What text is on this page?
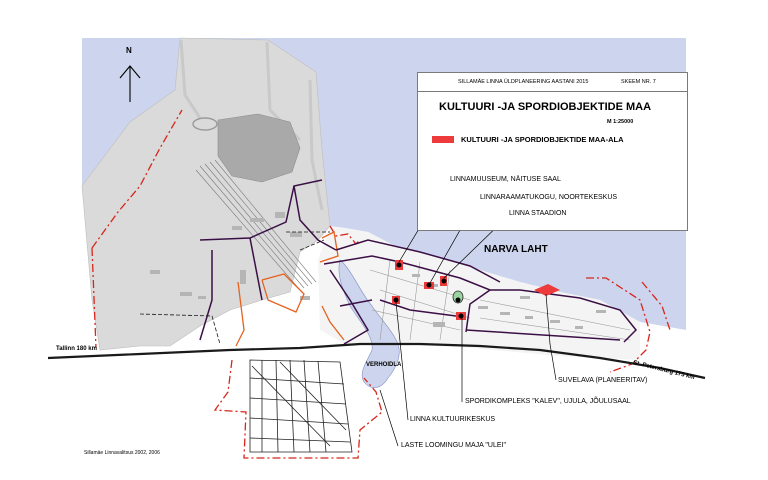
N
SILLAMÄE LINNA ÜLDPLANEERING AASTANI 2015	SKEEM NR. 7
KULTUURI -JA SPORDIOBJEKTIDE MAA
M 1:25000
KULTUURI -JA SPORDIOBJEKTIDE MAA-ALA
LINNAMUUSEUM, NÄITUSE SAAL
LINNARAAMATUKOGU, NOORTEKESKUS
LINNA STAADION
NARVA LAHT
SUVELAVA (PLANEERITAV)
SPORDIKOMPLEKS "KALEV", UJULA, JÕULUSAAL
LINNA KULTUURIKESKUS
LASTE LOOMINGU MAJA "ULEI"
Tallinn 180 km
St. Petersburg 175 km
VERHOIDLA
Sillamäe Linnavalitsus 2002, 2006
